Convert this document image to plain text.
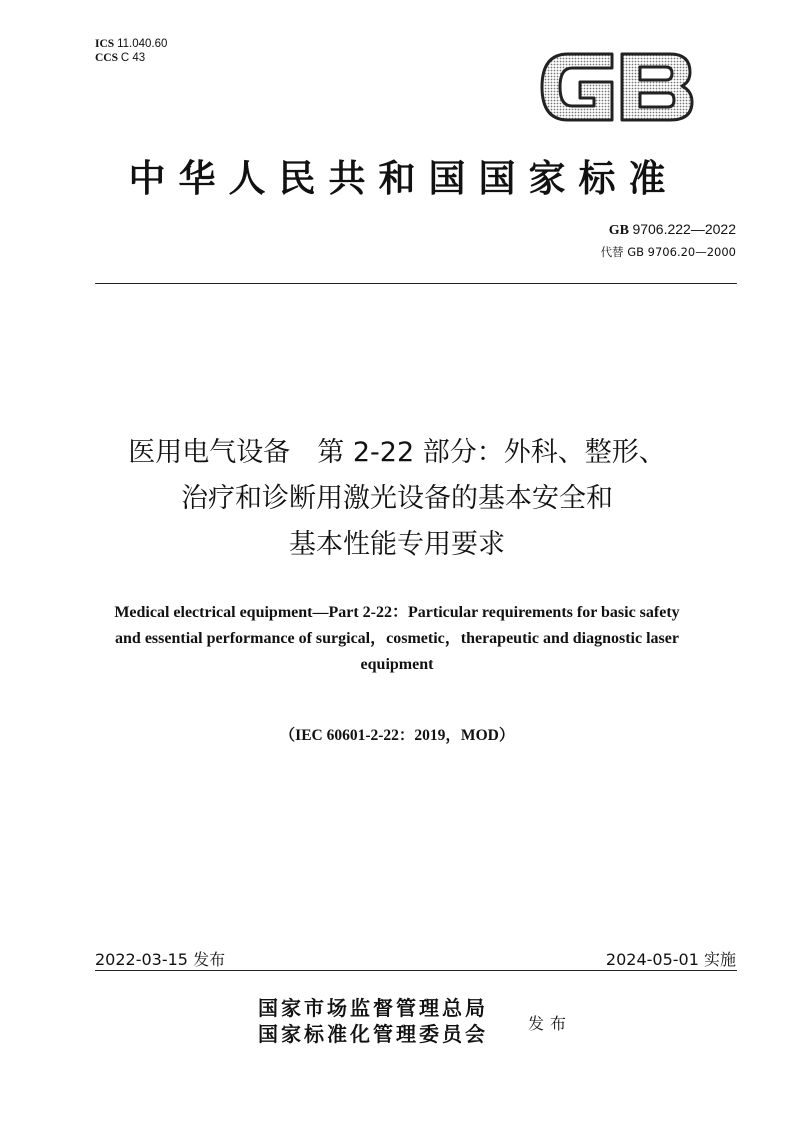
ICS 11.040.60
CCS C 43
中华人民共和国国家标准
GB 9706.222—2022
代替 GB 9706.20—2000
医用电气设备　第 2-22 部分：外科、整形、
治疗和诊断用激光设备的基本安全和
基本性能专用要求
Medical electrical equipment—Part 2-22：Particular requirements for basic safety
and essential performance of surgical，cosmetic，therapeutic and diagnostic laser
equipment
（IEC 60601-2-22：2019，MOD）
2022-03-15 发布	2024-05-01 实施
国家市场监督管理总局
国家标准化管理委员会	发布
